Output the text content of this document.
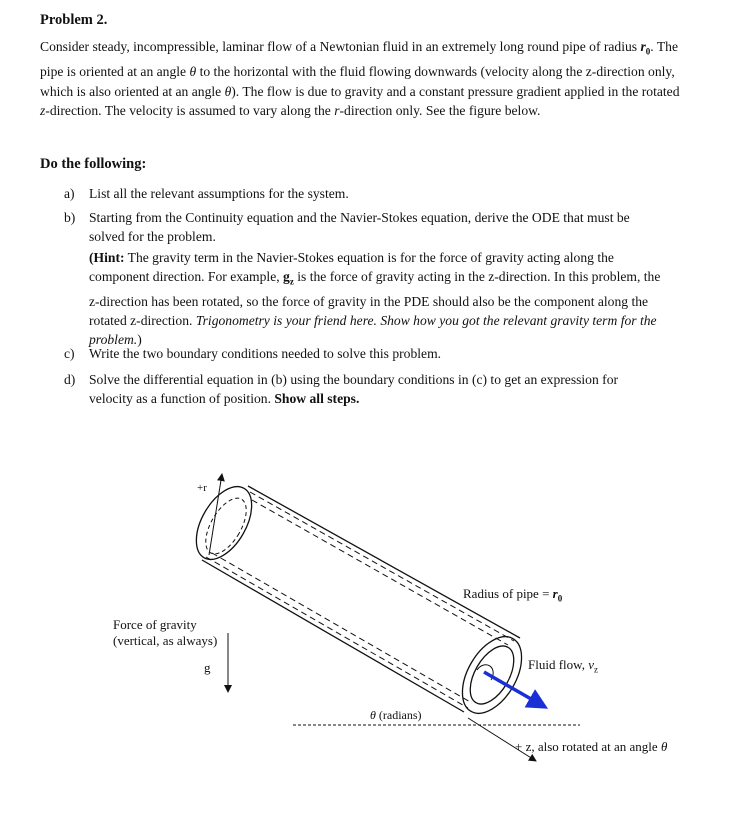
Problem 2.
Consider steady, incompressible, laminar flow of a Newtonian fluid in an extremely long round pipe of radius $r_0$. The pipe is oriented at an angle θ to the horizontal with the fluid flowing downwards (velocity along the z-direction only, which is also oriented at an angle θ). The flow is due to gravity and a constant pressure gradient applied in the rotated z-direction. The velocity is assumed to vary along the r-direction only. See the figure below.
Do the following:
a) List all the relevant assumptions for the system.
b) Starting from the Continuity equation and the Navier-Stokes equation, derive the ODE that must be solved for the problem.
(Hint: The gravity term in the Navier-Stokes equation is for the force of gravity acting along the component direction. For example, $g_z$ is the force of gravity acting in the z-direction. In this problem, the z-direction has been rotated, so the force of gravity in the PDE should also be the component along the rotated z-direction. Trigonometry is your friend here. Show how you got the relevant gravity term for the problem.)
c) Write the two boundary conditions needed to solve this problem.
d) Solve the differential equation in (b) using the boundary conditions in (c) to get an expression for velocity as a function of position. Show all steps.
+r
Radius of pipe = $r_0$
Force of gravity
(vertical, as always)
g	Fluid flow, $v_z$
θ (radians)
+ z, also rotated at an angle θ
